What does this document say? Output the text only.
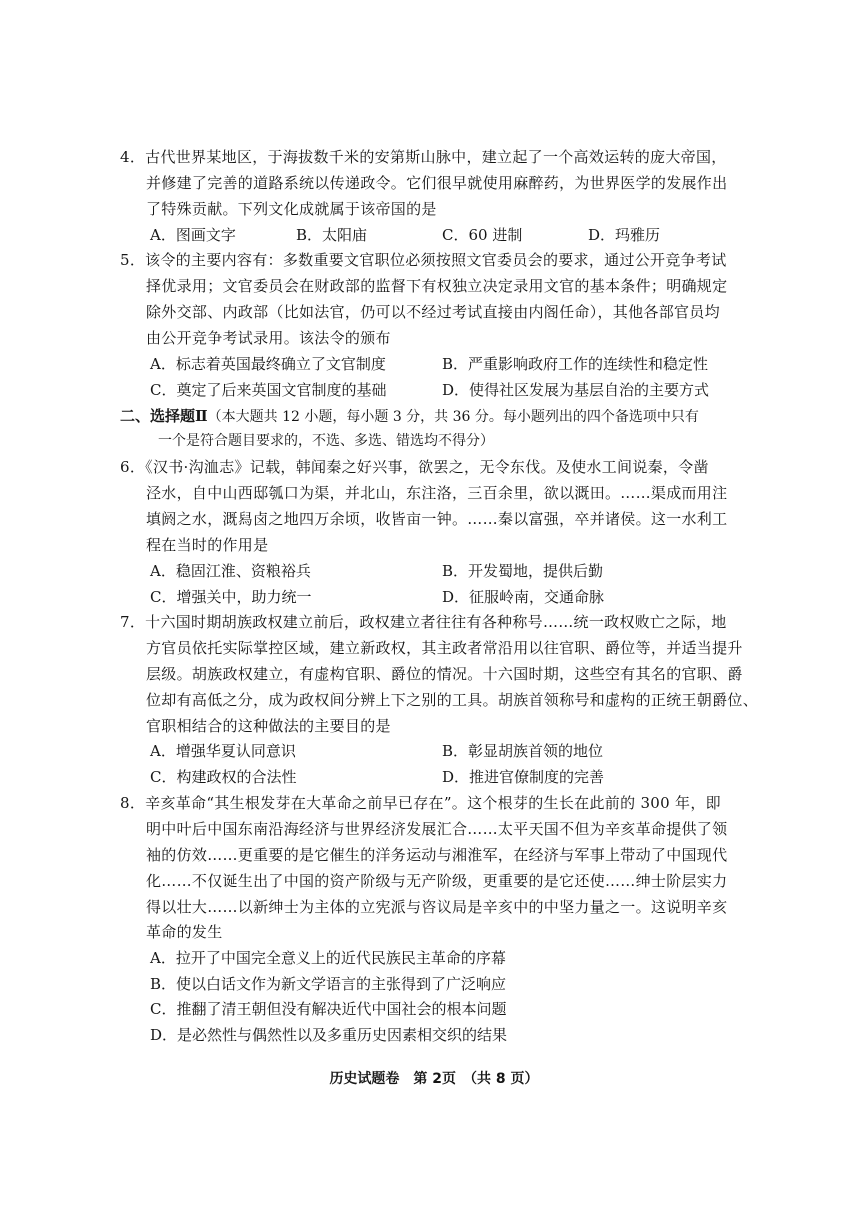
4．古代世界某地区，于海拔数千米的安第斯山脉中，建立起了一个高效运转的庞大帝国，
并修建了完善的道路系统以传递政令。它们很早就使用麻醉药，为世界医学的发展作出
了特殊贡献。下列文化成就属于该帝国的是
A．图画文字	B．太阳庙	C．60 进制	D．玛雅历
5．该令的主要内容有：多数重要文官职位必须按照文官委员会的要求，通过公开竞争考试
择优录用；文官委员会在财政部的监督下有权独立决定录用文官的基本条件；明确规定
除外交部、内政部（比如法官，仍可以不经过考试直接由内阁任命），其他各部官员均
由公开竞争考试录用。该法令的颁布
A．标志着英国最终确立了文官制度	B．严重影响政府工作的连续性和稳定性
C．奠定了后来英国文官制度的基础	D．使得社区发展为基层自治的主要方式
二、选择题Ⅱ（本大题共 12 小题，每小题 3 分，共 36 分。每小题列出的四个备选项中只有
一个是符合题目要求的，不选、多选、错选均不得分）
6．《汉书·沟洫志》记载，韩闻秦之好兴事，欲罢之，无令东伐。及使水工间说秦，令凿
泾水，自中山西邸瓠口为渠，并北山，东注洛，三百余里，欲以溉田。……渠成而用注
填阏之水，溉舄卤之地四万余顷，收皆亩一钟。……秦以富强，卒并诸侯。这一水利工
程在当时的作用是
A．稳固江淮、资粮裕兵	B．开发蜀地，提供后勤
C．增强关中，助力统一	D．征服岭南，交通命脉
7．十六国时期胡族政权建立前后，政权建立者往往有各种称号……统一政权败亡之际，地
方官员依托实际掌控区域，建立新政权，其主政者常沿用以往官职、爵位等，并适当提升
层级。胡族政权建立，有虚构官职、爵位的情况。十六国时期，这些空有其名的官职、爵
位却有高低之分，成为政权间分辨上下之别的工具。胡族首领称号和虚构的正统王朝爵位、
官职相结合的这种做法的主要目的是
A．增强华夏认同意识	B．彰显胡族首领的地位
C．构建政权的合法性	D．推进官僚制度的完善
8．辛亥革命“其生根发芽在大革命之前早已存在”。这个根芽的生长在此前的 300 年，即
明中叶后中国东南沿海经济与世界经济发展汇合……太平天国不但为辛亥革命提供了领
袖的仿效……更重要的是它催生的洋务运动与湘淮军，在经济与军事上带动了中国现代
化……不仅诞生出了中国的资产阶级与无产阶级，更重要的是它还使……绅士阶层实力
得以壮大……以新绅士为主体的立宪派与咨议局是辛亥中的中坚力量之一。这说明辛亥
革命的发生
A．拉开了中国完全意义上的近代民族民主革命的序幕
B．使以白话文作为新文学语言的主张得到了广泛响应
C．推翻了清王朝但没有解决近代中国社会的根本问题
D．是必然性与偶然性以及多重历史因素相交织的结果
历史试题卷　第 2页　（共 8 页）
